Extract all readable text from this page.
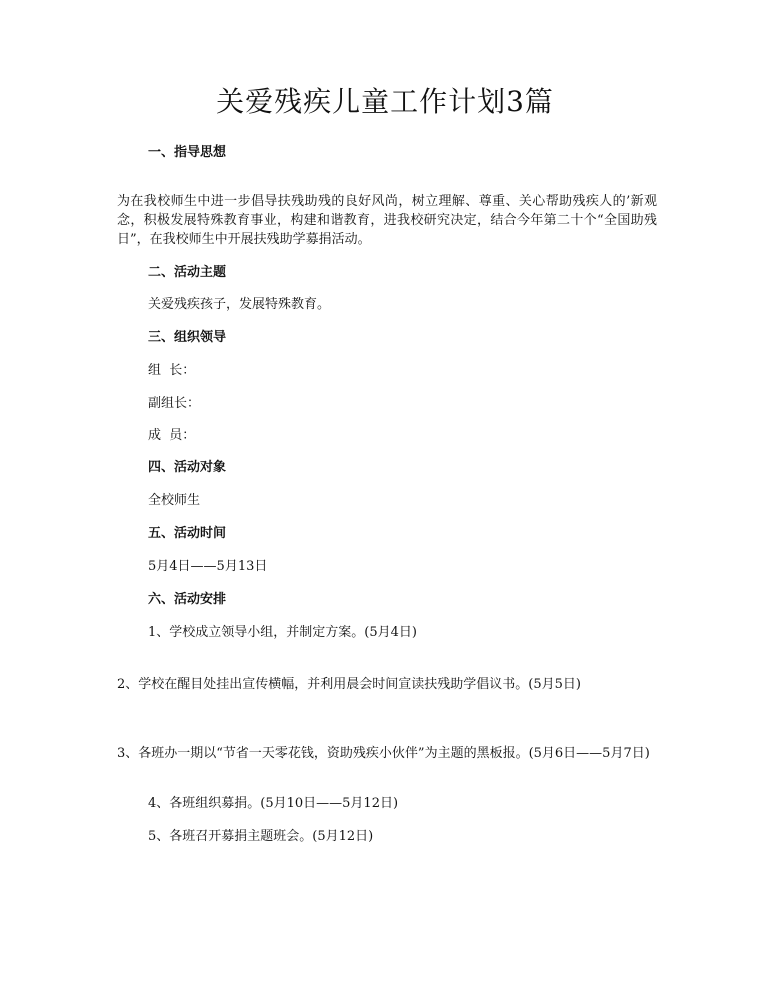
关爱残疾儿童工作计划3篇

一、指导思想

为在我校师生中进一步倡导扶残助残的良好风尚，树立理解、尊重、关心帮助残疾人的’新观念，积极发展特殊教育事业，构建和谐教育，进我校研究决定，结合今年第二十个“全国助残日”，在我校师生中开展扶残助学募捐活动。

二、活动主题

关爱残疾孩子，发展特殊教育。

三、组织领导

组  长：

副组长：

成  员：

四、活动对象

全校师生

五、活动时间

5月4日——5月13日

六、活动安排

1、学校成立领导小组，并制定方案。(5月4日)

2、学校在醒目处挂出宣传横幅，并利用晨会时间宣读扶残助学倡议书。(5月5日)

3、各班办一期以“节省一天零花钱，资助残疾小伙伴”为主题的黑板报。(5月6日——5月7日)

4、各班组织募捐。(5月10日——5月12日)

5、各班召开募捐主题班会。(5月12日)
